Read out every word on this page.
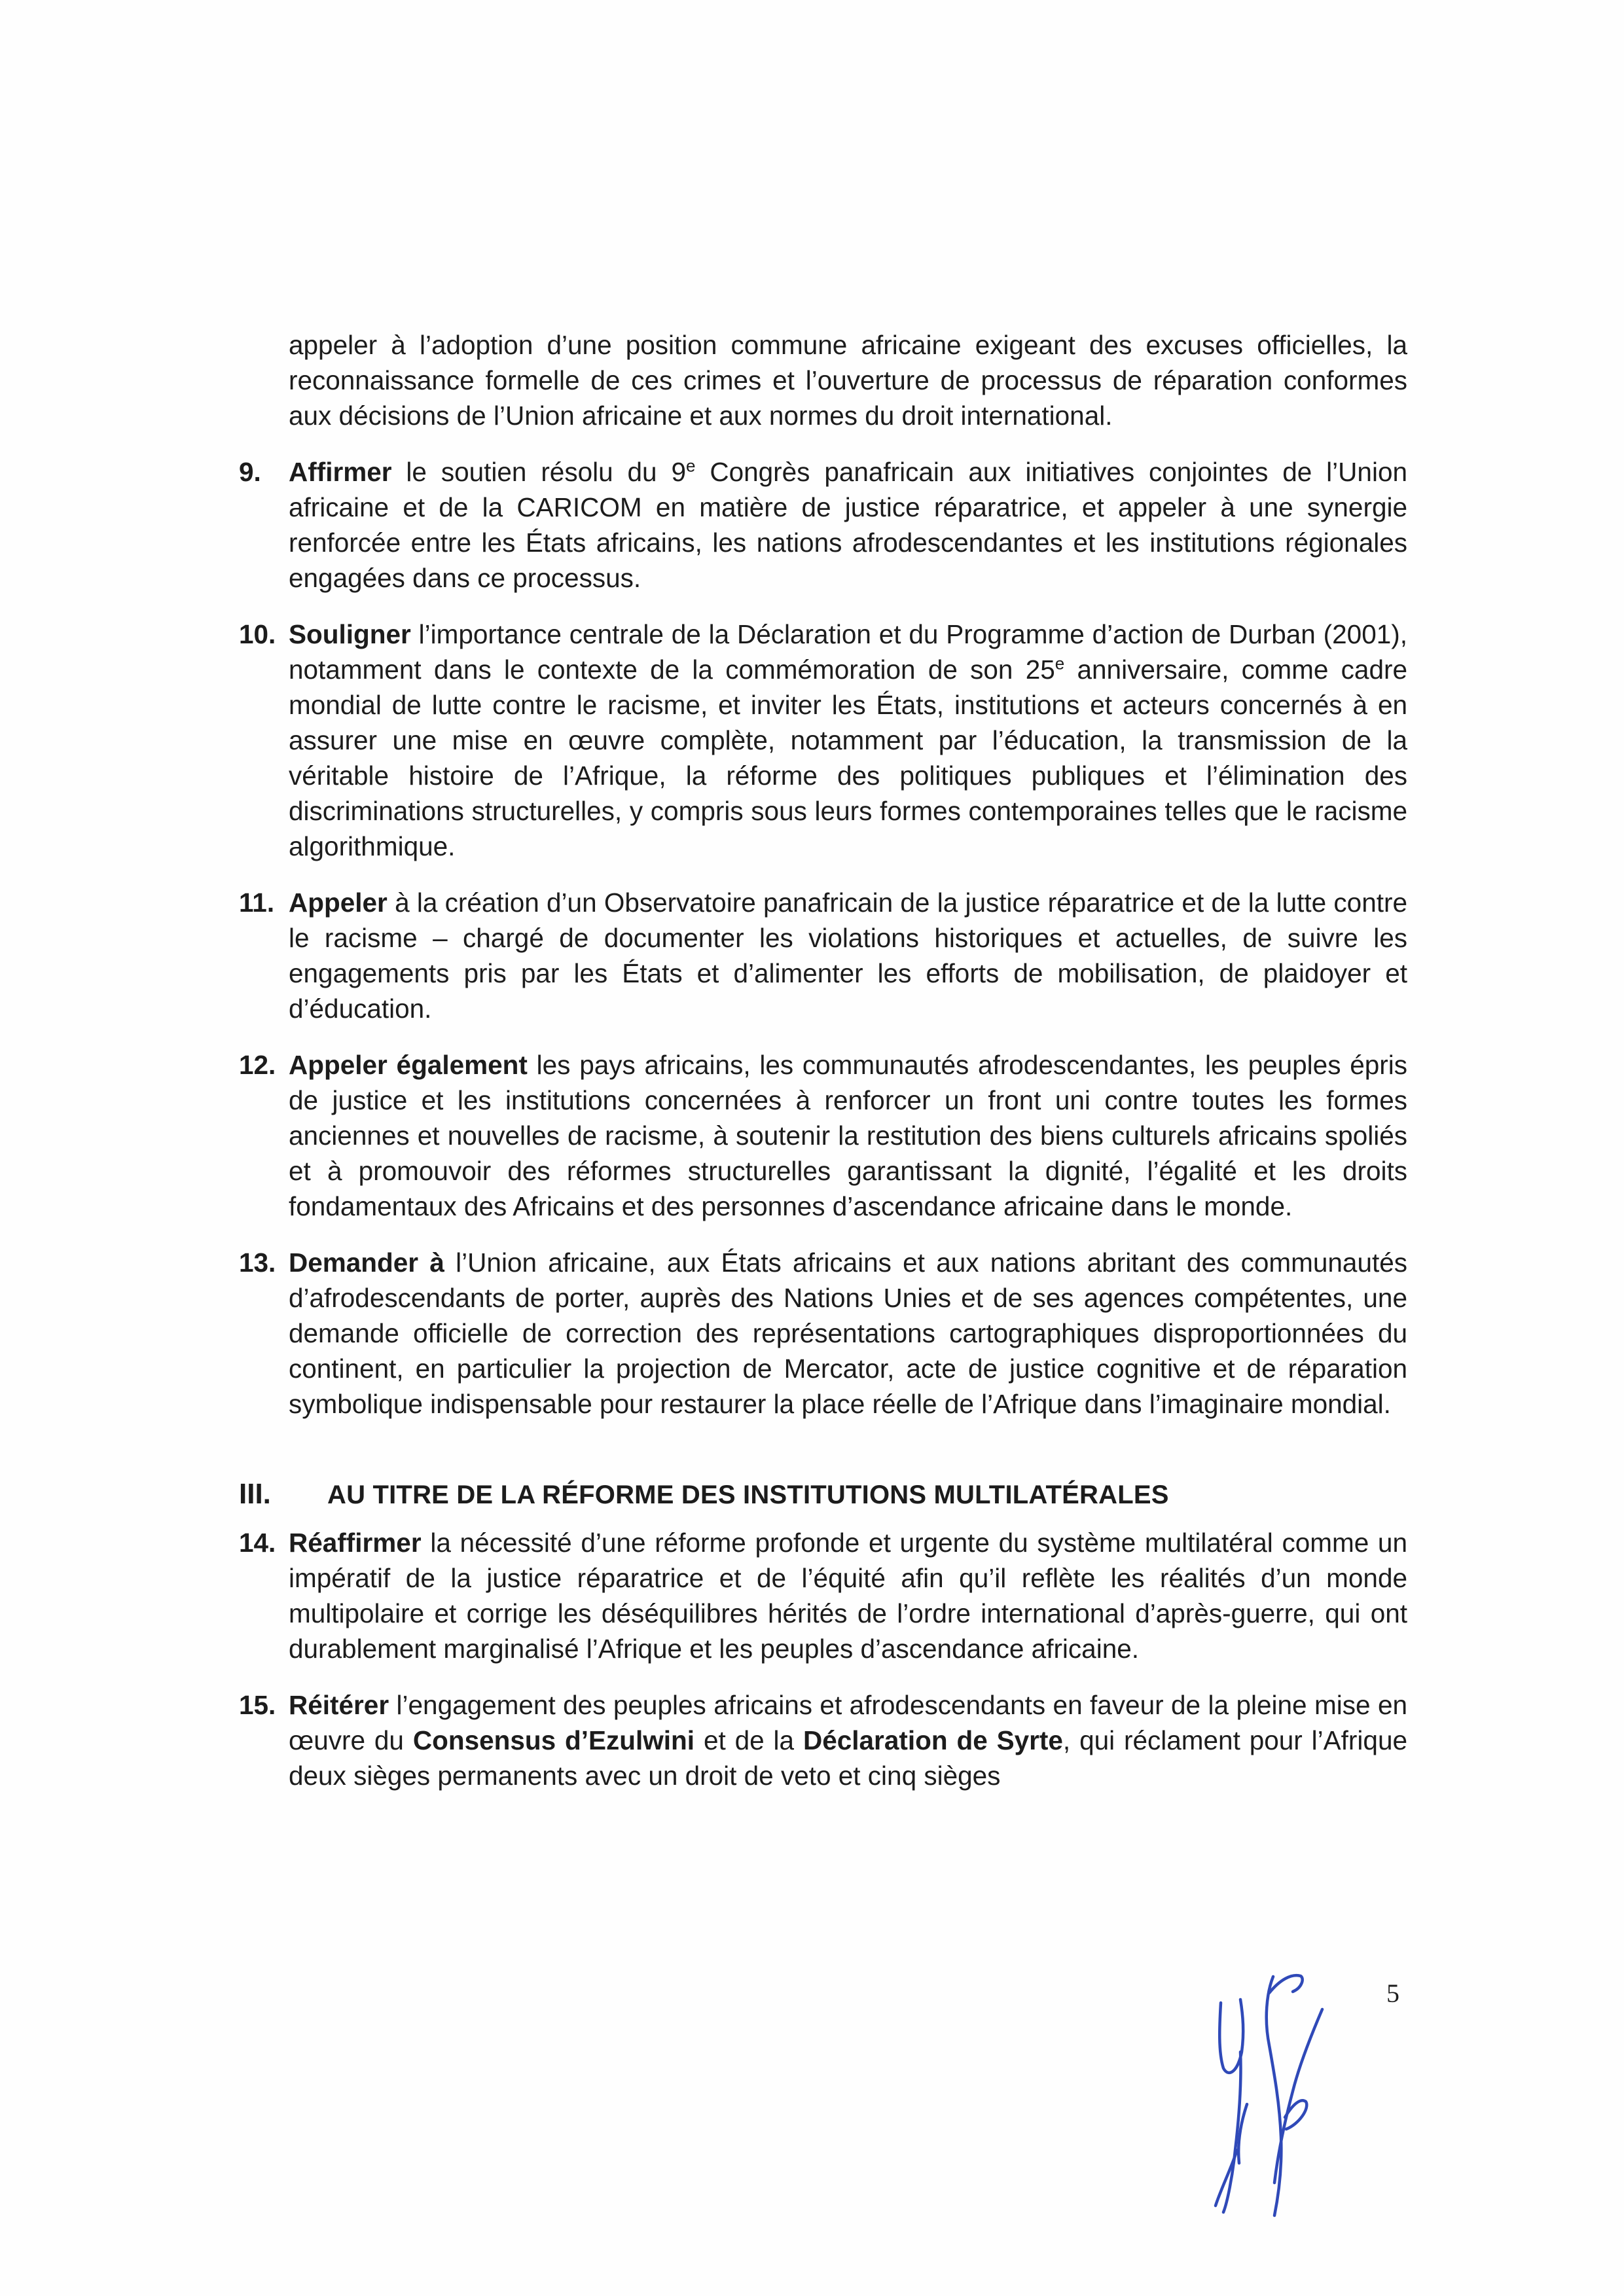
appeler à l’adoption d’une position commune africaine exigeant des excuses officielles, la reconnaissance formelle de ces crimes et l’ouverture de processus de réparation conformes aux décisions de l’Union africaine et aux normes du droit international.

9. Affirmer le soutien résolu du 9e Congrès panafricain aux initiatives conjointes de l’Union africaine et de la CARICOM en matière de justice réparatrice, et appeler à une synergie renforcée entre les États africains, les nations afrodescendantes et les institutions régionales engagées dans ce processus.

10. Souligner l’importance centrale de la Déclaration et du Programme d’action de Durban (2001), notamment dans le contexte de la commémoration de son 25e anniversaire, comme cadre mondial de lutte contre le racisme, et inviter les États, institutions et acteurs concernés à en assurer une mise en œuvre complète, notamment par l’éducation, la transmission de la véritable histoire de l’Afrique, la réforme des politiques publiques et l’élimination des discriminations structurelles, y compris sous leurs formes contemporaines telles que le racisme algorithmique.

11. Appeler à la création d’un Observatoire panafricain de la justice réparatrice et de la lutte contre le racisme – chargé de documenter les violations historiques et actuelles, de suivre les engagements pris par les États et d’alimenter les efforts de mobilisation, de plaidoyer et d’éducation.

12. Appeler également les pays africains, les communautés afrodescendantes, les peuples épris de justice et les institutions concernées à renforcer un front uni contre toutes les formes anciennes et nouvelles de racisme, à soutenir la restitution des biens culturels africains spoliés et à promouvoir des réformes structurelles garantissant la dignité, l’égalité et les droits fondamentaux des Africains et des personnes d’ascendance africaine dans le monde.

13. Demander à l’Union africaine, aux États africains et aux nations abritant des communautés d’afrodescendants de porter, auprès des Nations Unies et de ses agences compétentes, une demande officielle de correction des représentations cartographiques disproportionnées du continent, en particulier la projection de Mercator, acte de justice cognitive et de réparation symbolique indispensable pour restaurer la place réelle de l’Afrique dans l’imaginaire mondial.

III. AU TITRE DE LA RÉFORME DES INSTITUTIONS MULTILATÉRALES
14. Réaffirmer la nécessité d’une réforme profonde et urgente du système multilatéral comme un impératif de la justice réparatrice et de l’équité afin qu’il reflète les réalités d’un monde multipolaire et corrige les déséquilibres hérités de l’ordre international d’après-guerre, qui ont durablement marginalisé l’Afrique et les peuples d’ascendance africaine.

15. Réitérer l’engagement des peuples africains et afrodescendants en faveur de la pleine mise en œuvre du Consensus d’Ezulwini et de la Déclaration de Syrte, qui réclament pour l’Afrique deux sièges permanents avec un droit de veto et cinq sièges

5
